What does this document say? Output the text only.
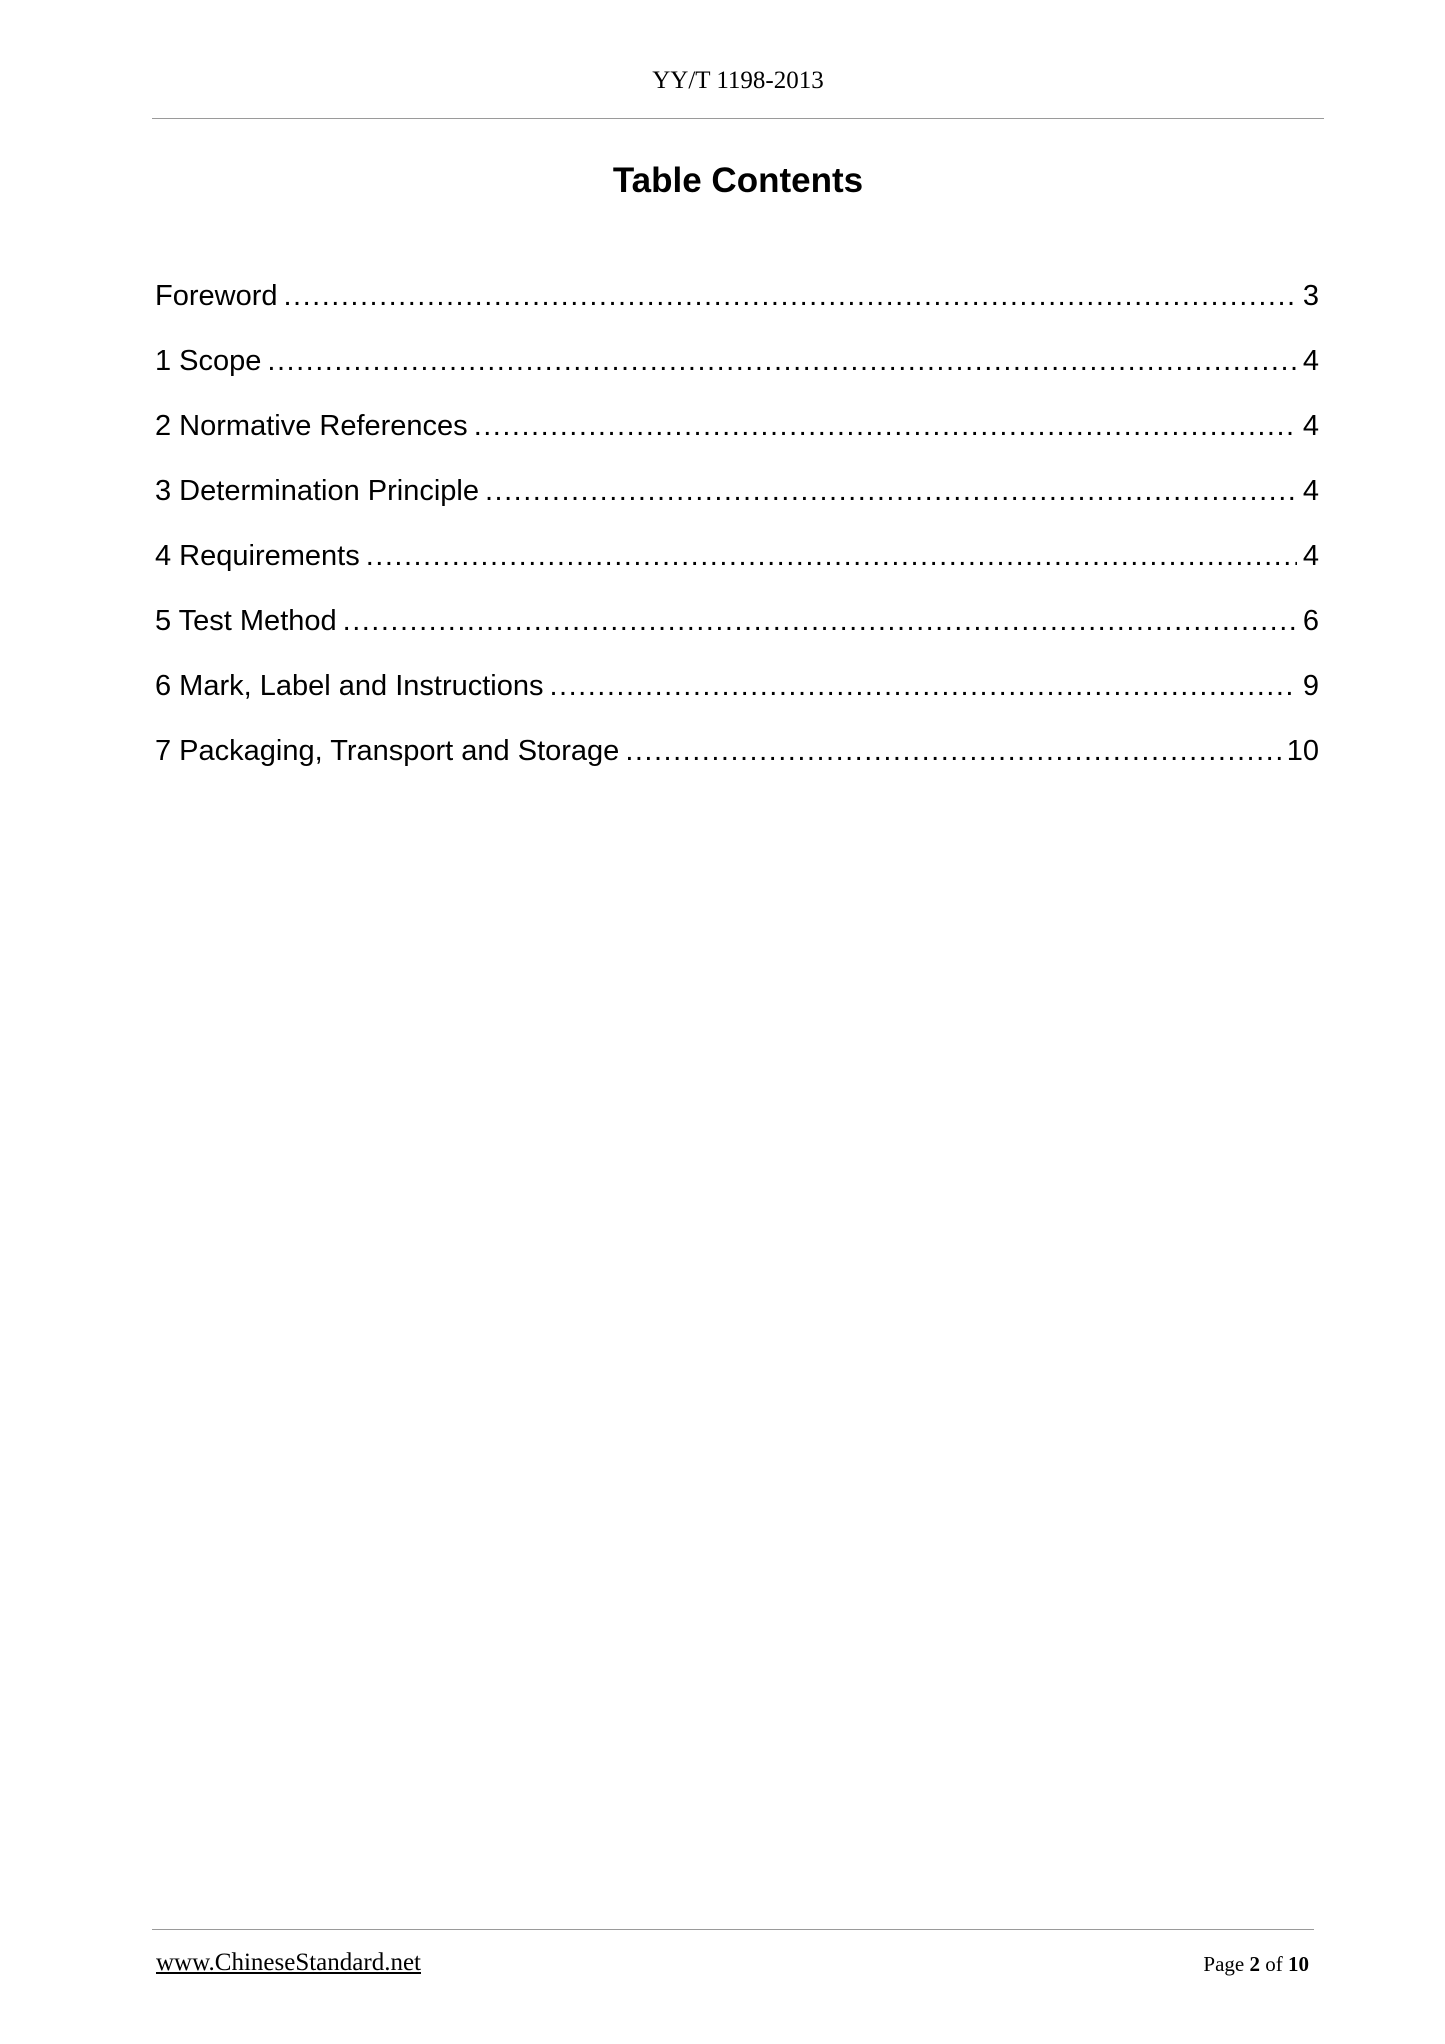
YY/T 1198-2013
Table Contents
Foreword .....	3
1 Scope .....	4
2 Normative References .....	4
3 Determination Principle .....	4
4 Requirements .....	4
5 Test Method .....	6
6 Mark, Label and Instructions .....	9
7 Packaging, Transport and Storage .....	10
www.ChineseStandard.net	Page 2 of 10
